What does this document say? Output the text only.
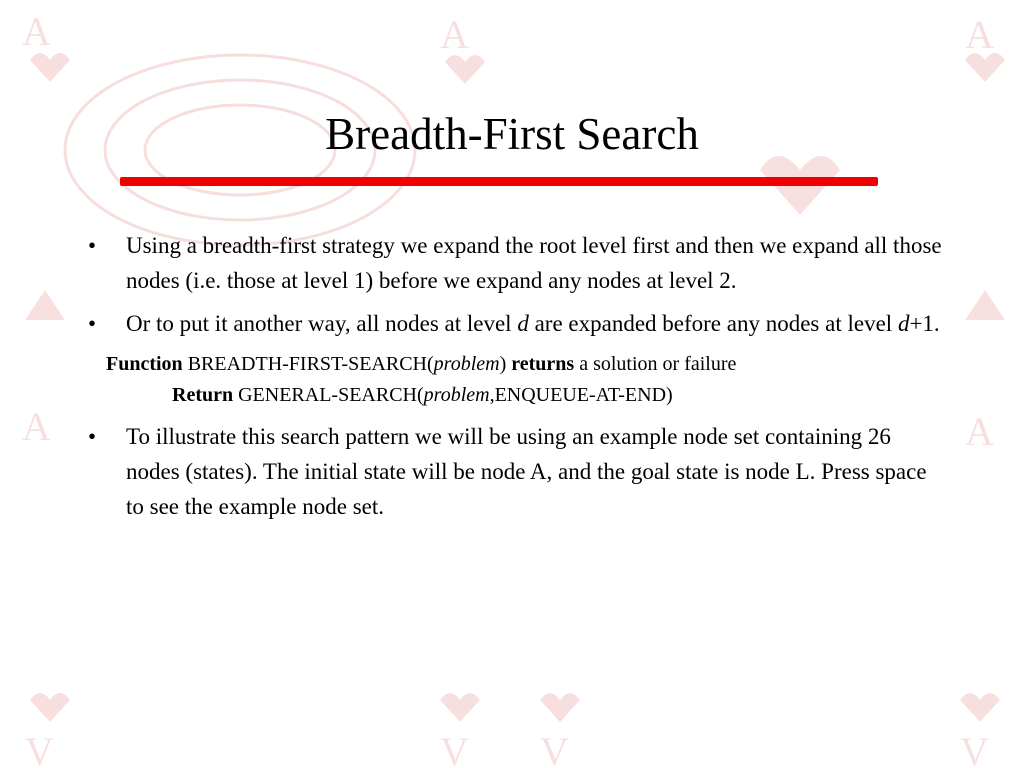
A	A	A
A	A
V	V V	V
Breadth-First Search
• Using a breadth-first strategy we expand the root level first and then we expand all those nodes (i.e. those at level 1) before we expand any nodes at level 2.
• Or to put it another way, all nodes at level d are expanded before any nodes at level d+1.
Function BREADTH-FIRST-SEARCH(problem) returns a solution or failure
Return GENERAL-SEARCH(problem,ENQUEUE-AT-END)
• To illustrate this search pattern we will be using an example node set containing 26 nodes (states). The initial state will be node A, and the goal state is node L. Press space to see the example node set.
